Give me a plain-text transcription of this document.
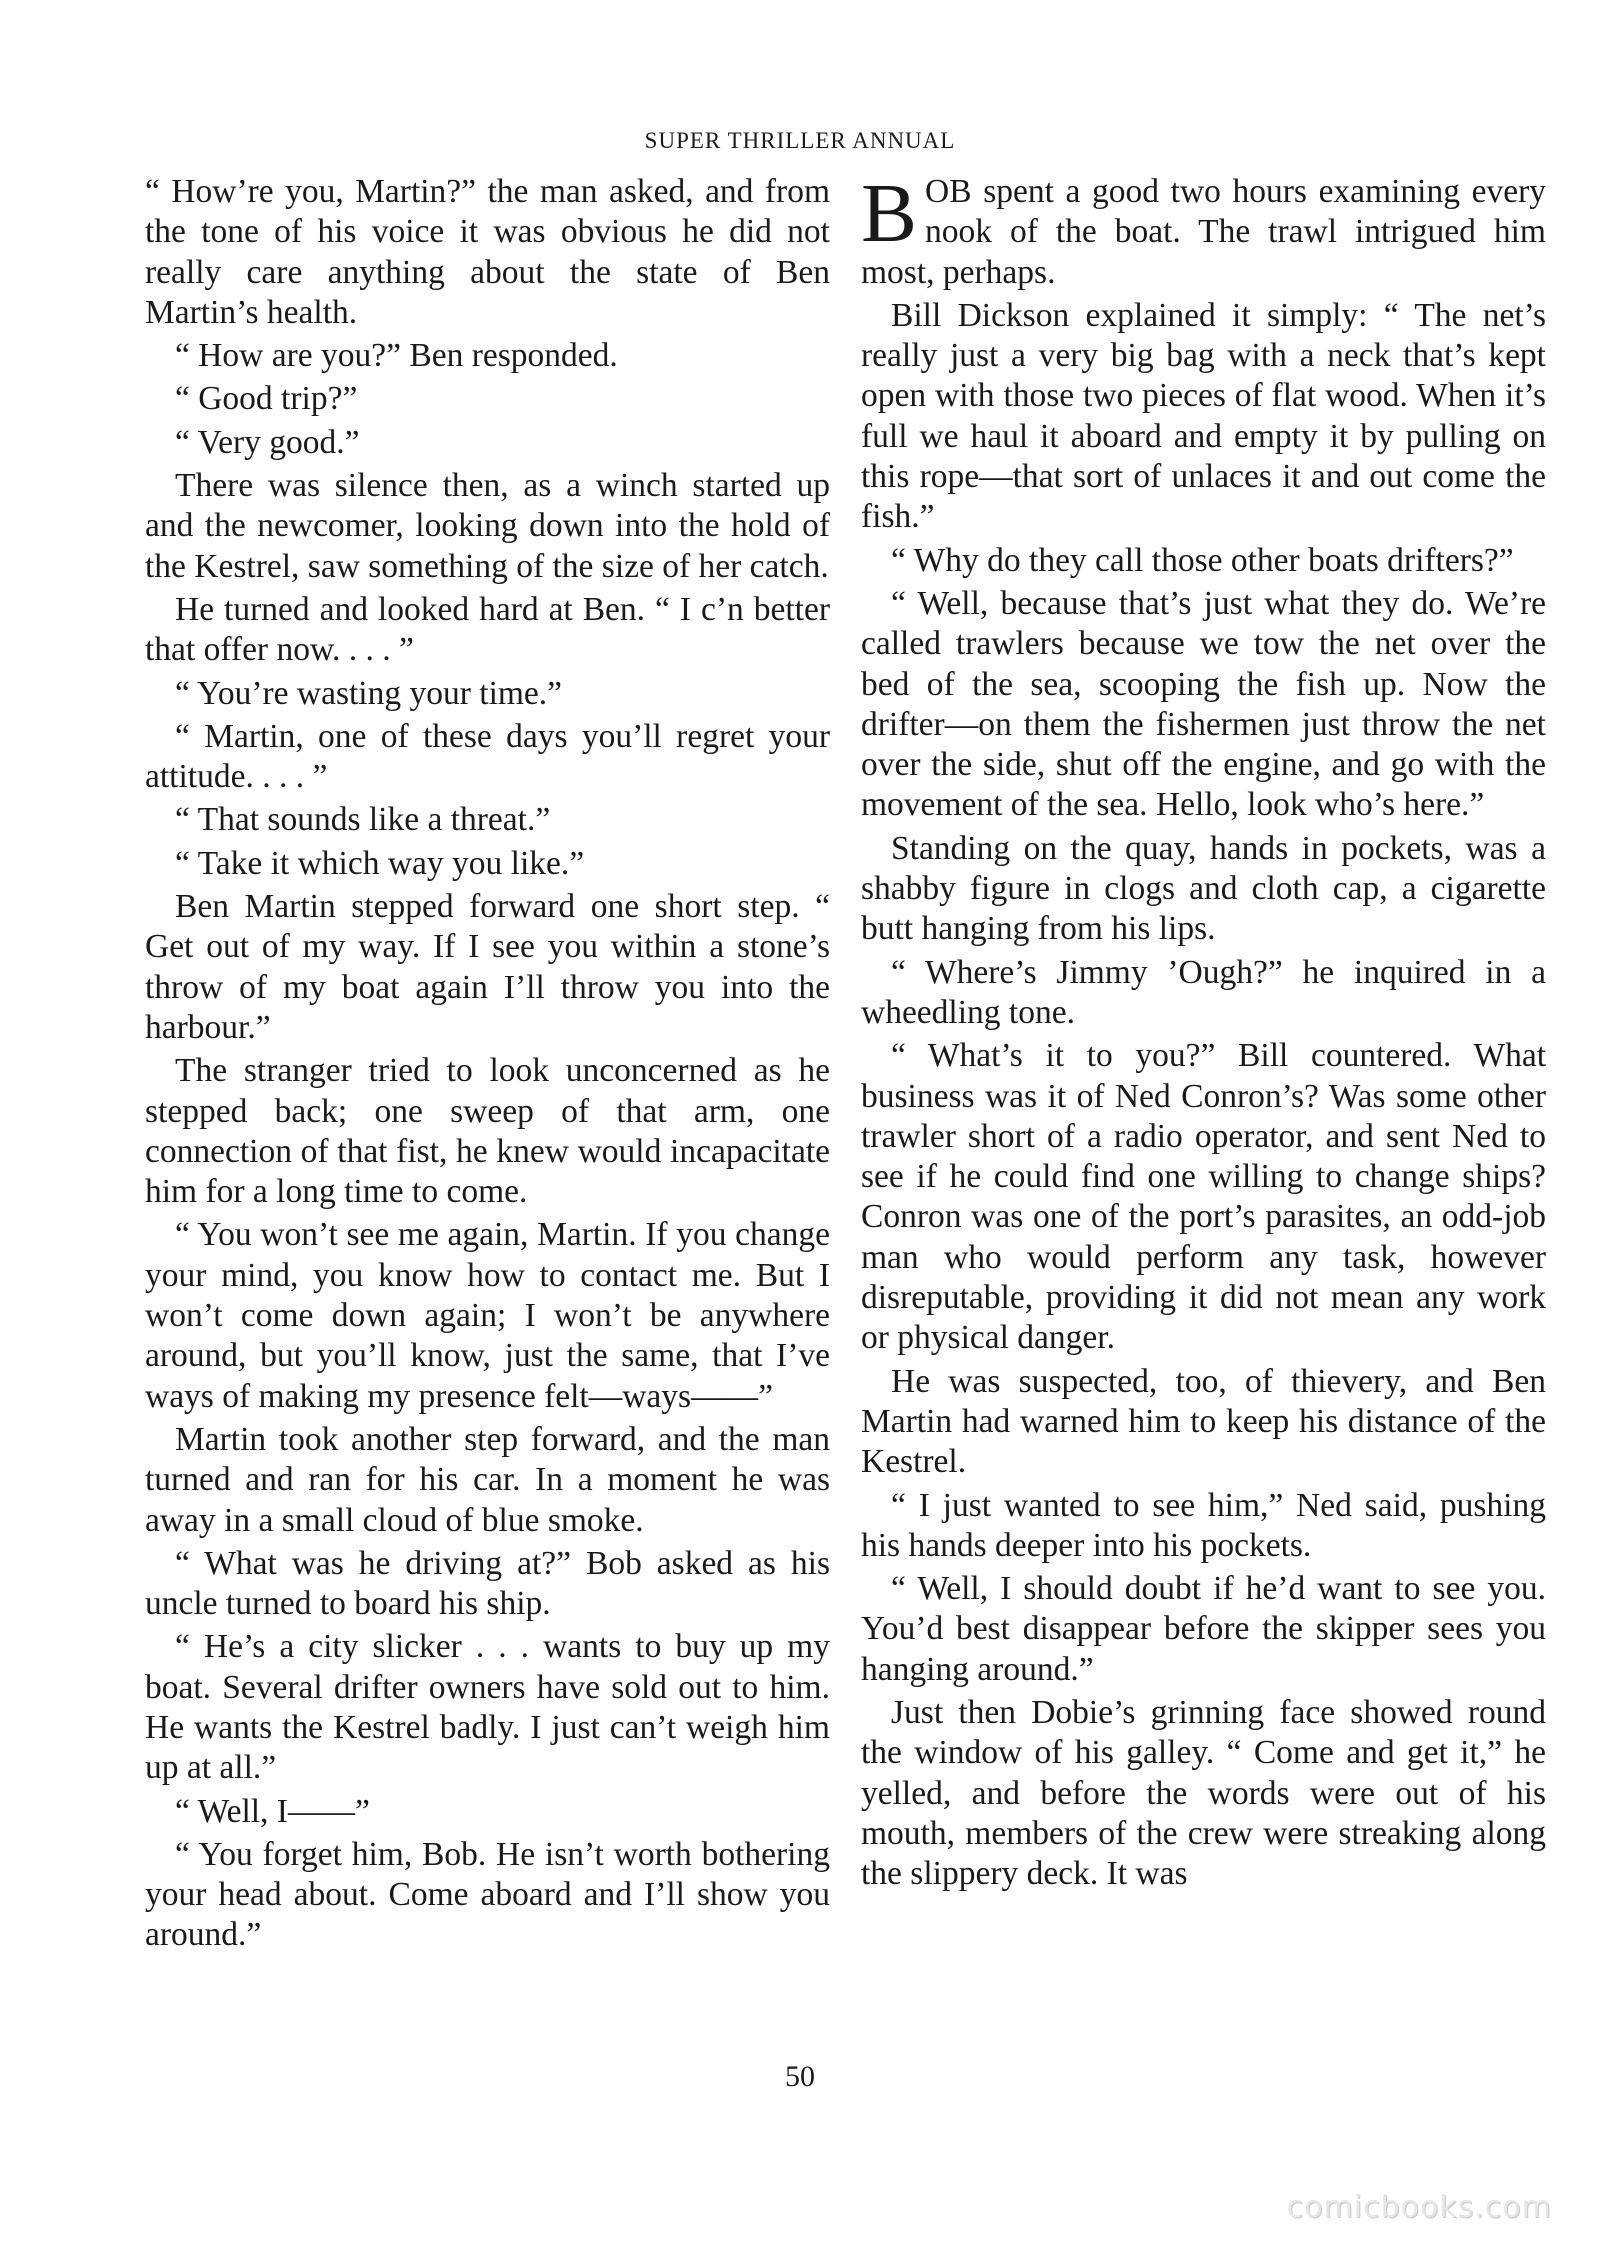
SUPER THRILLER ANNUAL

“ How’re you, Martin?” the man asked, and from the tone of his voice it was obvious he did not really care anything about the state of Ben Martin’s health.

“ How are you?” Ben responded.

“ Good trip?”

“ Very good.”

There was silence then, as a winch started up and the newcomer, looking down into the hold of the Kestrel, saw something of the size of her catch.

He turned and looked hard at Ben. “ I c’n better that offer now. . . . ”

“ You’re wasting your time.”

“ Martin, one of these days you’ll regret your attitude. . . . ”

“ That sounds like a threat.”

“ Take it which way you like.”

Ben Martin stepped forward one short step. “ Get out of my way. If I see you within a stone’s throw of my boat again I’ll throw you into the harbour.”

The stranger tried to look unconcerned as he stepped back; one sweep of that arm, one connection of that fist, he knew would incapacitate him for a long time to come.

“ You won’t see me again, Martin. If you change your mind, you know how to contact me. But I won’t come down again; I won’t be anywhere around, but you’ll know, just the same, that I’ve ways of making my presence felt—ways——”

Martin took another step forward, and the man turned and ran for his car. In a moment he was away in a small cloud of blue smoke.

“ What was he driving at?” Bob asked as his uncle turned to board his ship.

“ He’s a city slicker . . . wants to buy up my boat. Several drifter owners have sold out to him. He wants the Kestrel badly. I just can’t weigh him up at all.”

“ Well, I——”

“ You forget him, Bob. He isn’t worth bothering your head about. Come aboard and I’ll show you around.”

BOB spent a good two hours examining every nook of the boat. The trawl intrigued him most, perhaps.

Bill Dickson explained it simply: “ The net’s really just a very big bag with a neck that’s kept open with those two pieces of flat wood. When it’s full we haul it aboard and empty it by pulling on this rope—that sort of unlaces it and out come the fish.”

“ Why do they call those other boats drifters?”

“ Well, because that’s just what they do. We’re called trawlers because we tow the net over the bed of the sea, scooping the fish up. Now the drifter—on them the fishermen just throw the net over the side, shut off the engine, and go with the movement of the sea. Hello, look who’s here.”

Standing on the quay, hands in pockets, was a shabby figure in clogs and cloth cap, a cigarette butt hanging from his lips.

“ Where’s Jimmy ’Ough?” he inquired in a wheedling tone.

“ What’s it to you?” Bill countered. What business was it of Ned Conron’s? Was some other trawler short of a radio operator, and sent Ned to see if he could find one willing to change ships? Conron was one of the port’s parasites, an odd-job man who would perform any task, however disreputable, providing it did not mean any work or physical danger.

He was suspected, too, of thievery, and Ben Martin had warned him to keep his distance of the Kestrel.

“ I just wanted to see him,” Ned said, pushing his hands deeper into his pockets.

“ Well, I should doubt if he’d want to see you. You’d best disappear before the skipper sees you hanging around.”

Just then Dobie’s grinning face showed round the window of his galley. “ Come and get it,” he yelled, and before the words were out of his mouth, members of the crew were streaking along the slippery deck. It was

50
comicbooks.com
